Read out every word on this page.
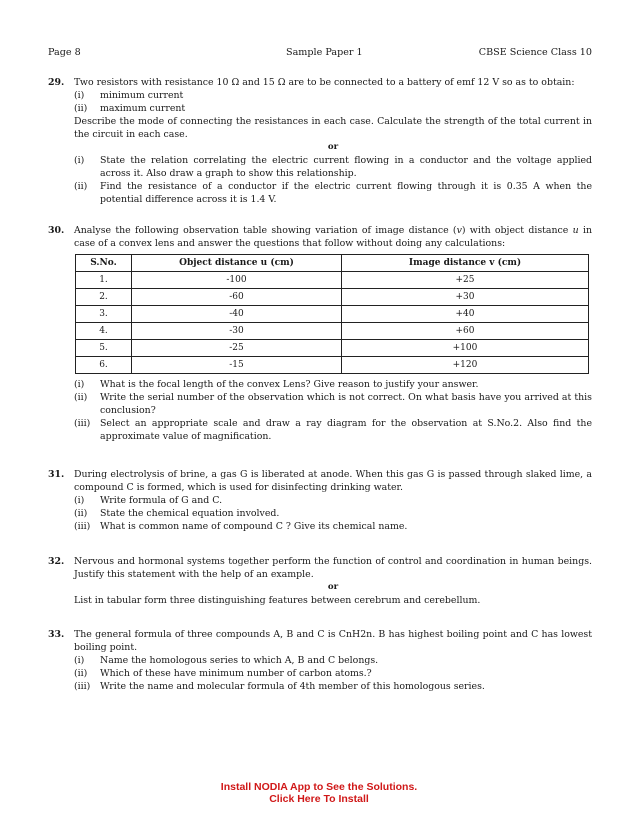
Page 8	Sample Paper 1	CBSE Science Class 10
29. Two resistors with resistance 10 Ω and 15 Ω are to be connected to a battery of emf 12 V so as to obtain:
(i)	minimum current
(ii)	maximum current
Describe the mode of connecting the resistances in each case. Calculate the strength of the total current in the circuit in each case.
or
(i)	State the relation correlating the electric current flowing in a conductor and the voltage applied across it. Also draw a graph to show this relationship.
(ii)	Find the resistance of a conductor if the electric current flowing through it is 0.35 A when the potential difference across it is 1.4 V.
30. Analyse the following observation table showing variation of image distance (v) with object distance u in case of a convex lens and answer the questions that follow without doing any calculations:
S.No.	Object distance u (cm)	Image distance v (cm)
1.	-100	+25
2.	-60	+30
3.	-40	+40
4.	-30	+60
5.	-25	+100
6.	-15	+120
(i)	What is the focal length of the convex Lens? Give reason to justify your answer.
(ii)	Write the serial number of the observation which is not correct. On what basis have you arrived at this conclusion?
(iii)	Select an appropriate scale and draw a ray diagram for the observation at S.No.2. Also find the approximate value of magnification.
31. During electrolysis of brine, a gas G is liberated at anode. When this gas G is passed through slaked lime, a compound C is formed, which is used for disinfecting drinking water.
(i)	Write formula of G and C.
(ii)	State the chemical equation involved.
(iii)	What is common name of compound C ? Give its chemical name.
32. Nervous and hormonal systems together perform the function of control and coordination in human beings. Justify this statement with the help of an example.
or
List in tabular form three distinguishing features between cerebrum and cerebellum.
33. The general formula of three compounds A, B and C is CnH2n. B has highest boiling point and C has lowest boiling point.
(i)	Name the homologous series to which A, B and C belongs.
(ii)	Which of these have minimum number of carbon atoms.?
(iii)	Write the name and molecular formula of 4th member of this homologous series.
Install NODIA App to See the Solutions.
Click Here To Install
